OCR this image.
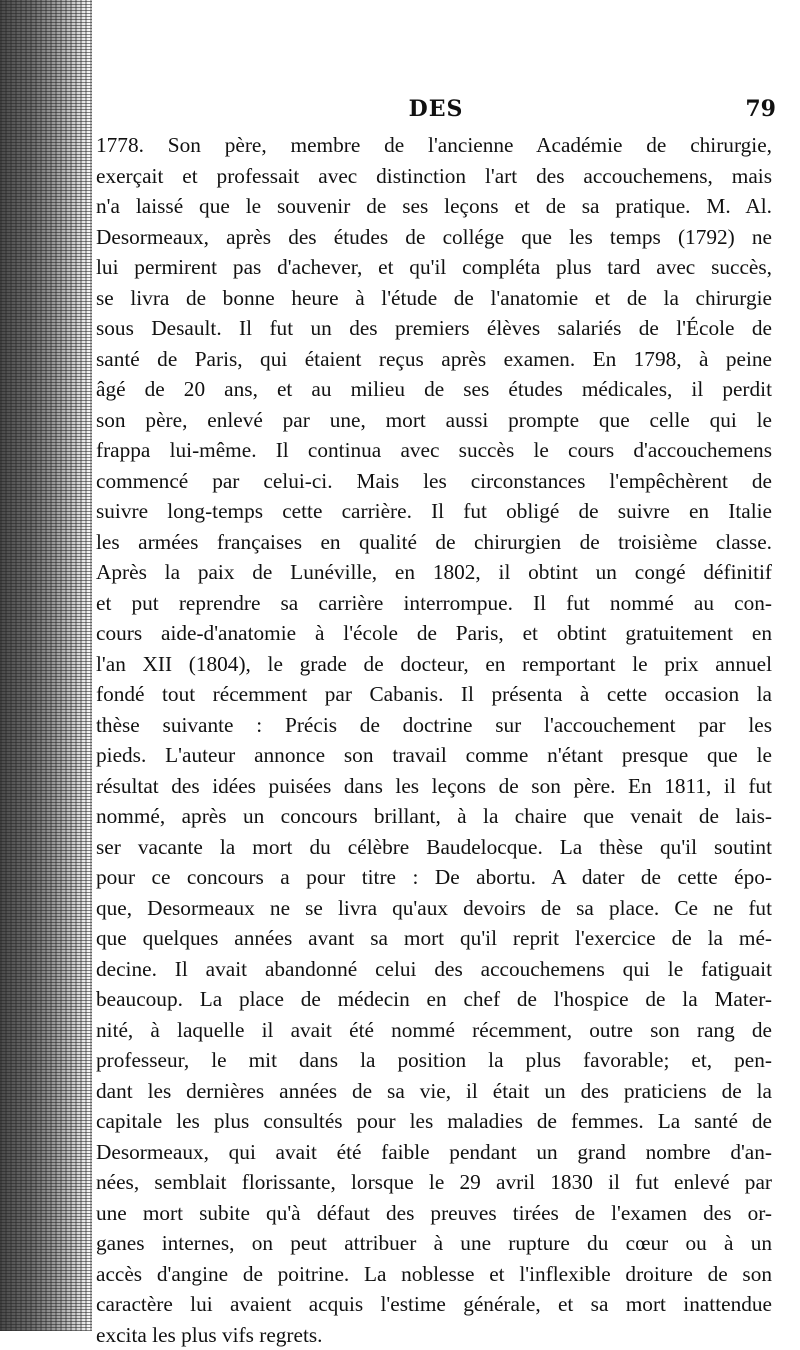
DES	79
1778. Son père, membre de l'ancienne Académie de chirurgie,
exerçait et professait avec distinction l'art des accouchemens, mais
n'a laissé que le souvenir de ses leçons et de sa pratique. M. Al.
Desormeaux, après des études de collége que les temps (1792) ne
lui permirent pas d'achever, et qu'il compléta plus tard avec succès,
se livra de bonne heure à l'étude de l'anatomie et de la chirurgie
sous Desault. Il fut un des premiers élèves salariés de l'École de
santé de Paris, qui étaient reçus après examen. En 1798, à peine
âgé de 20 ans, et au milieu de ses études médicales, il perdit
son père, enlevé par une, mort aussi prompte que celle qui le
frappa lui-même. Il continua avec succès le cours d'accouchemens
commencé par celui-ci. Mais les circonstances l'empêchèrent de
suivre long-temps cette carrière. Il fut obligé de suivre en Italie
les armées françaises en qualité de chirurgien de troisième classe.
Après la paix de Lunéville, en 1802, il obtint un congé définitif
et put reprendre sa carrière interrompue. Il fut nommé au con-
cours aide-d'anatomie à l'école de Paris, et obtint gratuitement en
l'an XII (1804), le grade de docteur, en remportant le prix annuel
fondé tout récemment par Cabanis. Il présenta à cette occasion la
thèse suivante : Précis de doctrine sur l'accouchement par les
pieds. L'auteur annonce son travail comme n'étant presque que le
résultat des idées puisées dans les leçons de son père. En 1811, il fut
nommé, après un concours brillant, à la chaire que venait de lais-
ser vacante la mort du célèbre Baudelocque. La thèse qu'il soutint
pour ce concours a pour titre : De abortu. A dater de cette épo-
que, Desormeaux ne se livra qu'aux devoirs de sa place. Ce ne fut
que quelques années avant sa mort qu'il reprit l'exercice de la mé-
decine. Il avait abandonné celui des accouchemens qui le fatiguait
beaucoup. La place de médecin en chef de l'hospice de la Mater-
nité, à laquelle il avait été nommé récemment, outre son rang de
professeur, le mit dans la position la plus favorable; et, pen-
dant les dernières années de sa vie, il était un des praticiens de la
capitale les plus consultés pour les maladies de femmes. La santé de
Desormeaux, qui avait été faible pendant un grand nombre d'an-
nées, semblait florissante, lorsque le 29 avril 1830 il fut enlevé par
une mort subite qu'à défaut des preuves tirées de l'examen des or-
ganes internes, on peut attribuer à une rupture du cœur ou à un
accès d'angine de poitrine. La noblesse et l'inflexible droiture de son
caractère lui avaient acquis l'estime générale, et sa mort inattendue
excita les plus vifs regrets.
